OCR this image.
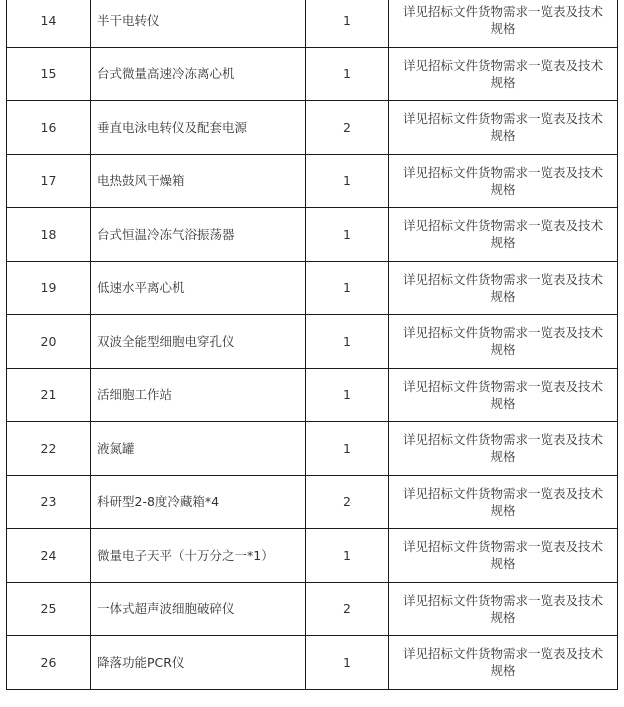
14	半干电转仪	1	详见招标文件货物需求一览表及技术规格
15	台式微量高速冷冻离心机	1	详见招标文件货物需求一览表及技术规格
16	垂直电泳电转仪及配套电源	2	详见招标文件货物需求一览表及技术规格
17	电热鼓风干燥箱	1	详见招标文件货物需求一览表及技术规格
18	台式恒温冷冻气浴振荡器	1	详见招标文件货物需求一览表及技术规格
19	低速水平离心机	1	详见招标文件货物需求一览表及技术规格
20	双波全能型细胞电穿孔仪	1	详见招标文件货物需求一览表及技术规格
21	活细胞工作站	1	详见招标文件货物需求一览表及技术规格
22	液氮罐	1	详见招标文件货物需求一览表及技术规格
23	科研型2-8度冷藏箱*4	2	详见招标文件货物需求一览表及技术规格
24	微量电子天平（十万分之一*1）	1	详见招标文件货物需求一览表及技术规格
25	一体式超声波细胞破碎仪	2	详见招标文件货物需求一览表及技术规格
26	降落功能PCR仪	1	详见招标文件货物需求一览表及技术规格
